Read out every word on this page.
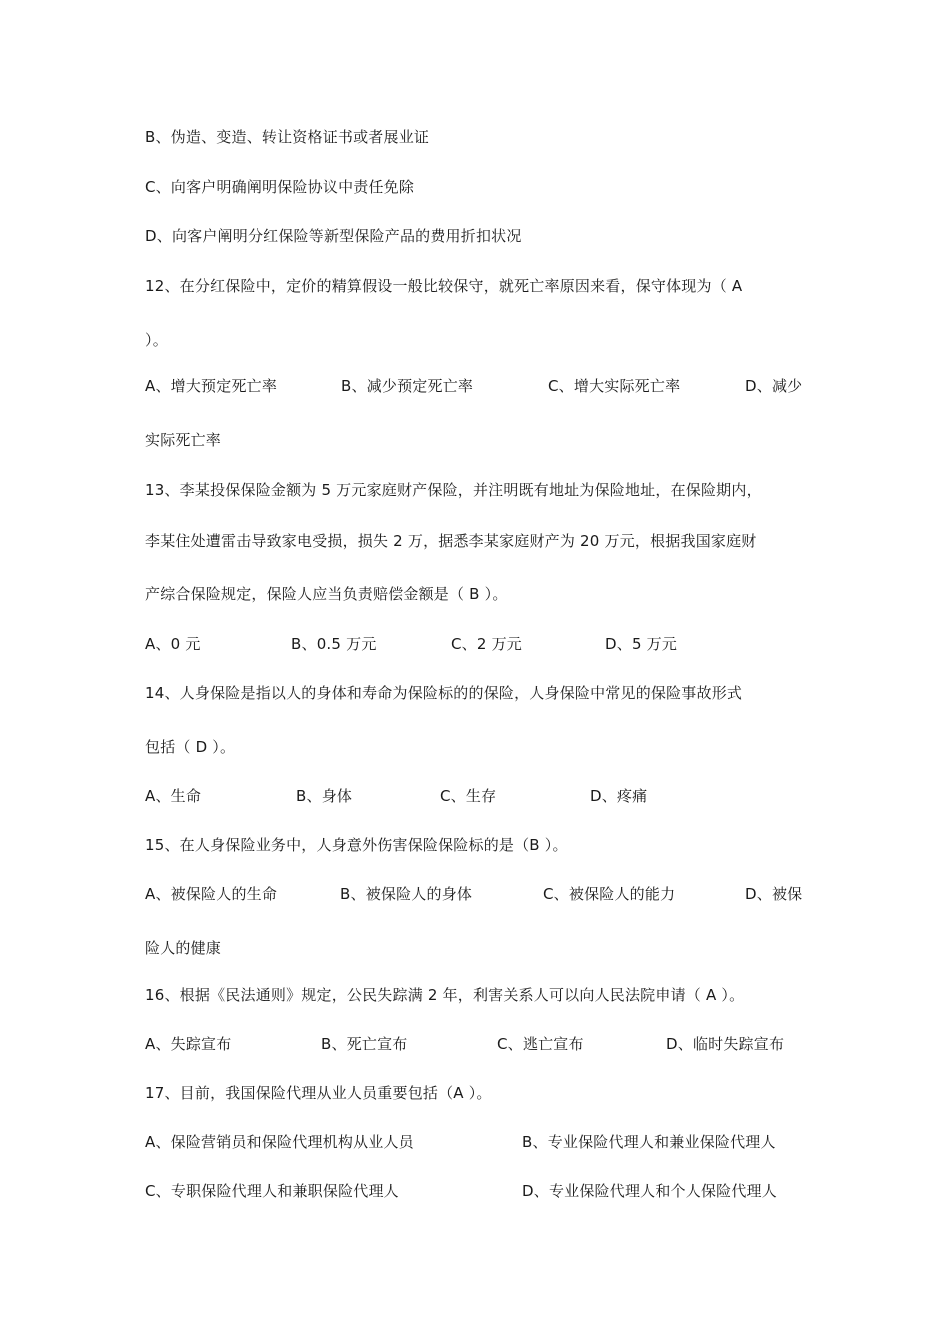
B、伪造、变造、转让资格证书或者展业证
C、向客户明确阐明保险协议中责任免除
D、向客户阐明分红保险等新型保险产品的费用折扣状况
12、在分红保险中，定价的精算假设一般比较保守，就死亡率原因来看，保守体现为（ A
）。
A、增大预定死亡率	B、减少预定死亡率	C、增大实际死亡率	D、减少
实际死亡率
13、李某投保保险金额为 5 万元家庭财产保险，并注明既有地址为保险地址，在保险期内，
李某住处遭雷击导致家电受损，损失 2 万，据悉李某家庭财产为 20 万元，根据我国家庭财
产综合保险规定，保险人应当负责赔偿金额是（ B ）。
A、0 元	B、0.5 万元	C、2 万元	D、5 万元
14、人身保险是指以人的身体和寿命为保险标的的保险，人身保险中常见的保险事故形式
包括（ D ）。
A、生命	B、身体	C、生存	D、疼痛
15、在人身保险业务中，人身意外伤害保险保险标的是（B ）。
A、被保险人的生命	B、被保险人的身体	C、被保险人的能力	D、被保
险人的健康
16、根据《民法通则》规定，公民失踪满 2 年，利害关系人可以向人民法院申请（ A ）。
A、失踪宣布	B、死亡宣布	C、逃亡宣布	D、临时失踪宣布
17、目前，我国保险代理从业人员重要包括（A ）。
A、保险营销员和保险代理机构从业人员	B、专业保险代理人和兼业保险代理人
C、专职保险代理人和兼职保险代理人	D、专业保险代理人和个人保险代理人
